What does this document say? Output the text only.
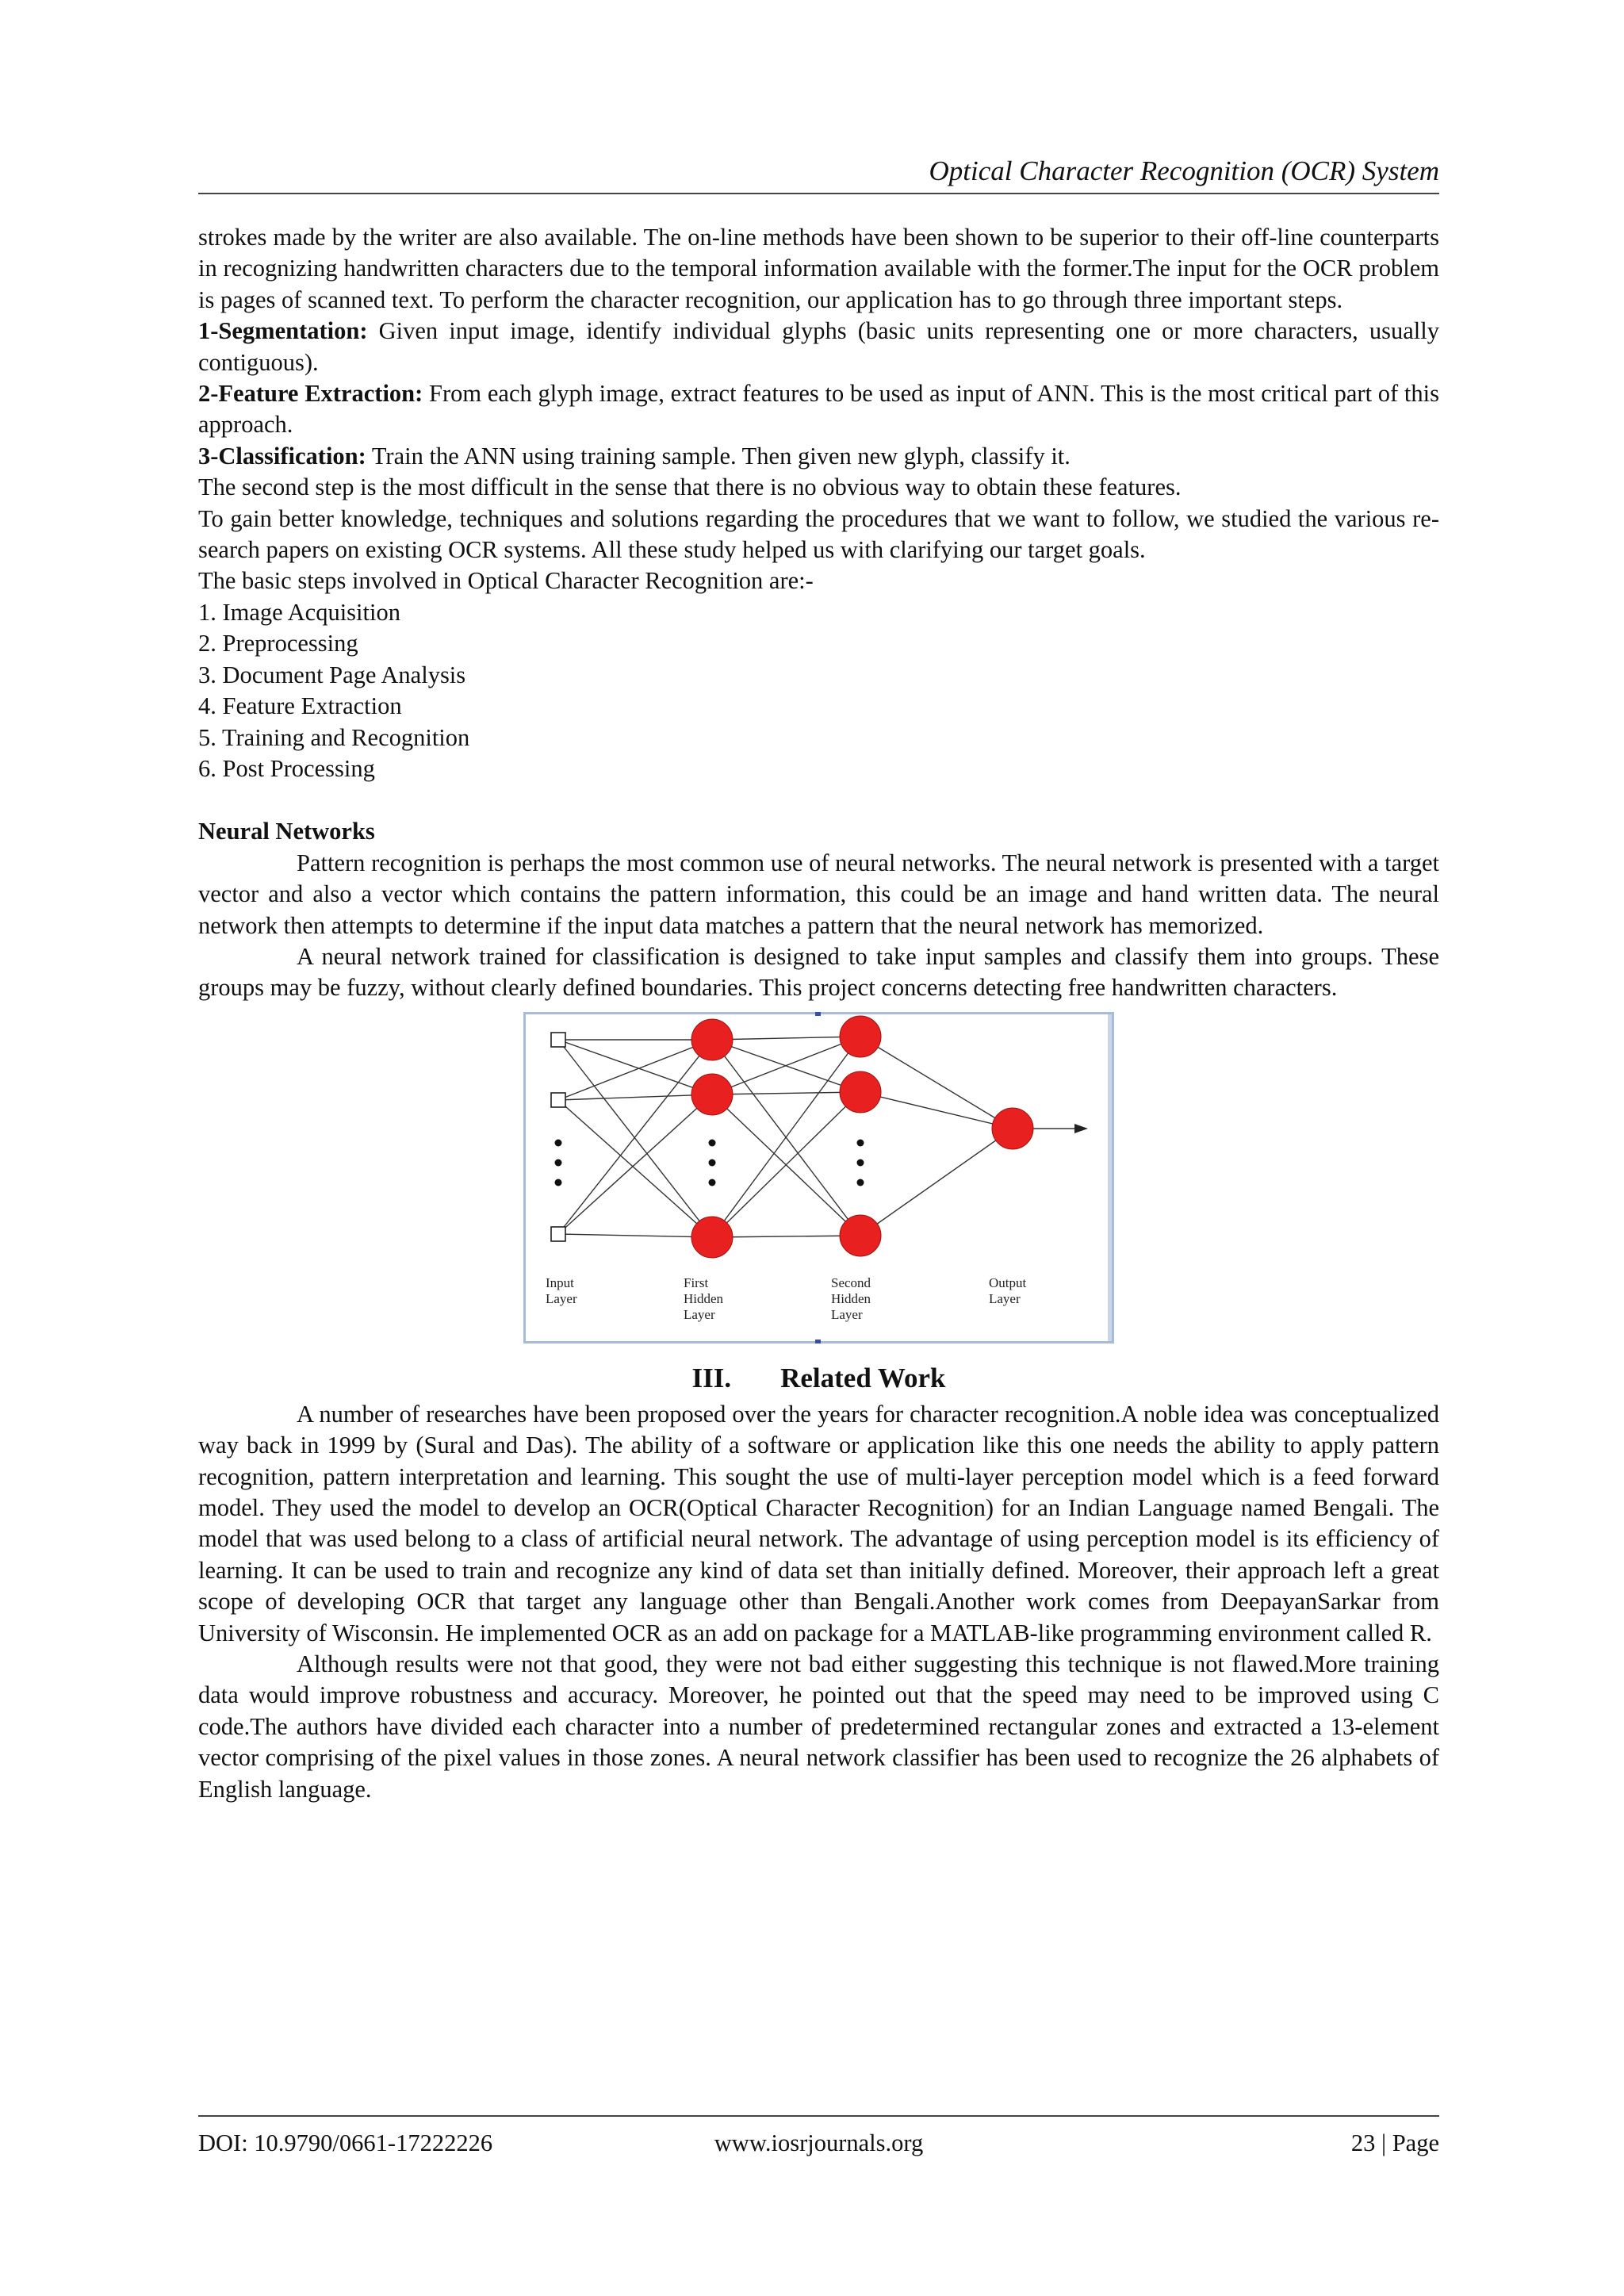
Optical Character Recognition (OCR) System

strokes made by the writer are also available. The on-line methods have been shown to be superior to their off-line counterparts in recognizing handwritten characters due to the temporal information available with the former.The input for the OCR problem is pages of scanned text. To perform the character recognition, our application has to go through three important steps.

1-Segmentation: Given input image, identify individual glyphs (basic units representing one or more characters, usually contiguous).

2-Feature Extraction: From each glyph image, extract features to be used as input of ANN. This is the most critical part of this approach.

3-Classification: Train the ANN using training sample. Then given new glyph, classify it.

The second step is the most difficult in the sense that there is no obvious way to obtain these features.

To gain better knowledge, techniques and solutions regarding the procedures that we want to follow, we studied the various re-search papers on existing OCR systems. All these study helped us with clarifying our target goals.

The basic steps involved in Optical Character Recognition are:-

1. Image Acquisition

2. Preprocessing

3. Document Page Analysis

4. Feature Extraction

5. Training and Recognition

6. Post Processing

Neural Networks

Pattern recognition is perhaps the most common use of neural networks. The neural network is presented with a target vector and also a vector which contains the pattern information, this could be an image and hand written data. The neural network then attempts to determine if the input data matches a pattern that the neural network has memorized.

A neural network trained for classification is designed to take input samples and classify them into groups. These groups may be fuzzy, without clearly defined boundaries. This project concerns detecting free handwritten characters.

Input
Layer
First
Hidden
Layer
Second
Hidden
Layer
Output
Layer
III. Related Work

A number of researches have been proposed over the years for character recognition.A noble idea was conceptualized way back in 1999 by (Sural and Das). The ability of a software or application like this one needs the ability to apply pattern recognition, pattern interpretation and learning. This sought the use of multi-layer perception model which is a feed forward model. They used the model to develop an OCR(Optical Character Recognition) for an Indian Language named Bengali. The model that was used belong to a class of artificial neural network. The advantage of using perception model is its efficiency of learning. It can be used to train and recognize any kind of data set than initially defined. Moreover, their approach left a great scope of developing OCR that target any language other than Bengali.Another work comes from DeepayanSarkar from University of Wisconsin. He implemented OCR as an add on package for a MATLAB-like programming environment called R.

Although results were not that good, they were not bad either suggesting this technique is not flawed.More training data would improve robustness and accuracy. Moreover, he pointed out that the speed may need to be improved using C code.The authors have divided each character into a number of predetermined rectangular zones and extracted a 13-element vector comprising of the pixel values in those zones. A neural network classifier has been used to recognize the 26 alphabets of English language.

DOI: 10.9790/0661-17222226	www.iosrjournals.org	23 | Page
